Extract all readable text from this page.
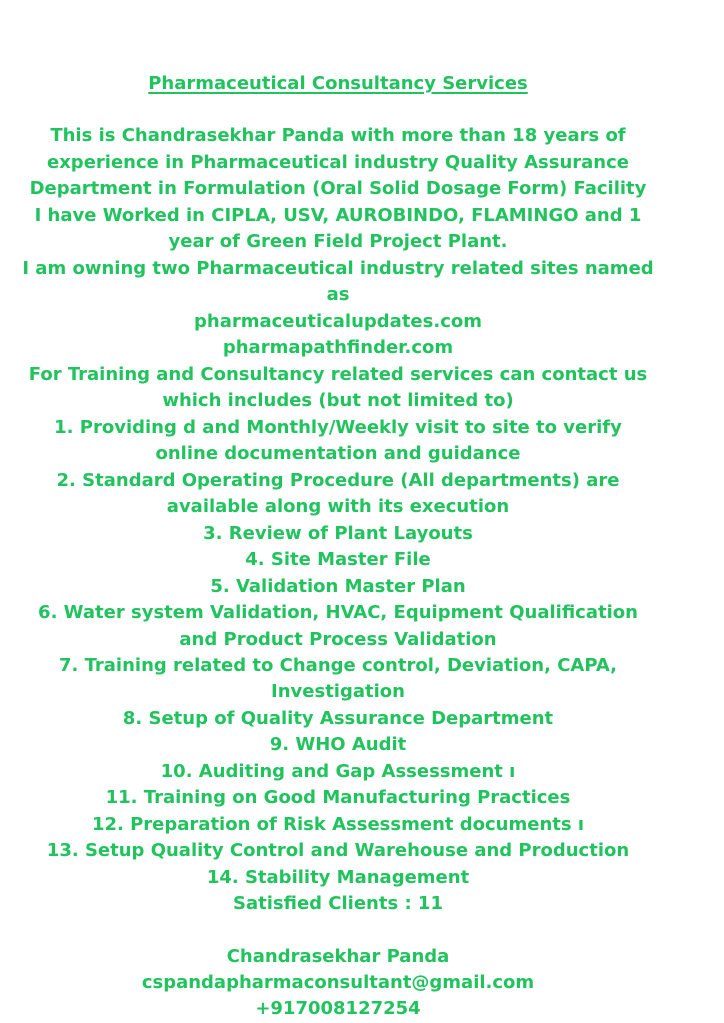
Pharmaceutical Consultancy Services
This is Chandrasekhar Panda with more than 18 years of
experience in Pharmaceutical industry Quality Assurance
Department in Formulation (Oral Solid Dosage Form) Facility
I have Worked in CIPLA, USV, AUROBINDO, FLAMINGO and 1
year of Green Field Project Plant.
I am owning two Pharmaceutical industry related sites named
as
pharmaceuticalupdates.com
pharmapathfinder.com
For Training and Consultancy related services can contact us
which includes (but not limited to)
1. Providing d and Monthly/Weekly visit to site to verify
online documentation and guidance
2. Standard Operating Procedure (All departments) are
available along with its execution
3. Review of Plant Layouts
4. Site Master File
5. Validation Master Plan
6. Water system Validation, HVAC, Equipment Qualification
and Product Process Validation
7. Training related to Change control, Deviation, CAPA,
Investigation
8. Setup of Quality Assurance Department
9. WHO Audit
10. Auditing and Gap Assessment ı
11. Training on Good Manufacturing Practices
12. Preparation of Risk Assessment documents ı
13. Setup Quality Control and Warehouse and Production
14. Stability Management
Satisfied Clients : 11
Chandrasekhar Panda
cspandapharmaconsultant@gmail.com
+917008127254
